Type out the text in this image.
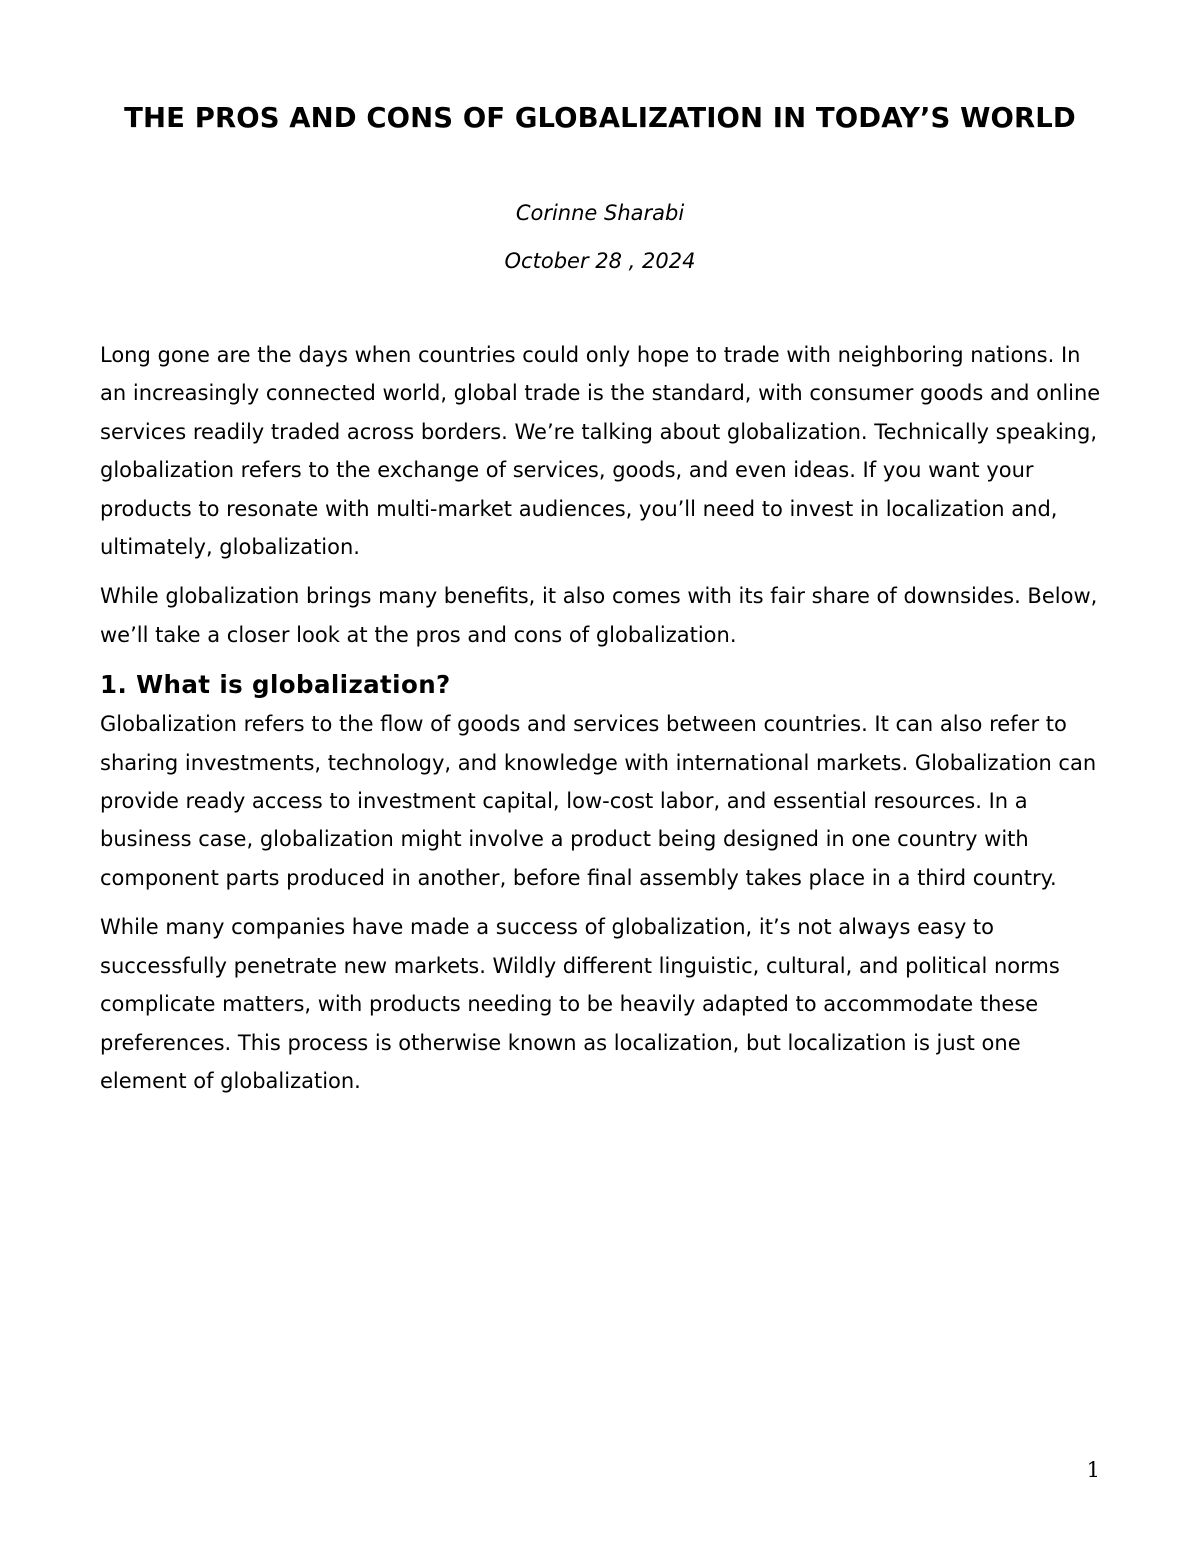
THE PROS AND CONS OF GLOBALIZATION IN TODAY’S WORLD
Corinne Sharabi
October 28 , 2024

Long gone are the days when countries could only hope to trade with neighboring nations. In an increasingly connected world, global trade is the standard, with consumer goods and online services readily traded across borders. We’re talking about globalization. Technically speaking, globalization refers to the exchange of services, goods, and even ideas. If you want your products to resonate with multi-market audiences, you’ll need to invest in localization and, ultimately, globalization.

While globalization brings many benefits, it also comes with its fair share of downsides. Below, we’ll take a closer look at the pros and cons of globalization.

1. What is globalization?

Globalization refers to the flow of goods and services between countries. It can also refer to sharing investments, technology, and knowledge with international markets. Globalization can provide ready access to investment capital, low-cost labor, and essential resources. In a business case, globalization might involve a product being designed in one country with component parts produced in another, before final assembly takes place in a third country.

While many companies have made a success of globalization, it’s not always easy to successfully penetrate new markets. Wildly different linguistic, cultural, and political norms complicate matters, with products needing to be heavily adapted to accommodate these preferences. This process is otherwise known as localization, but localization is just one element of globalization.

1
